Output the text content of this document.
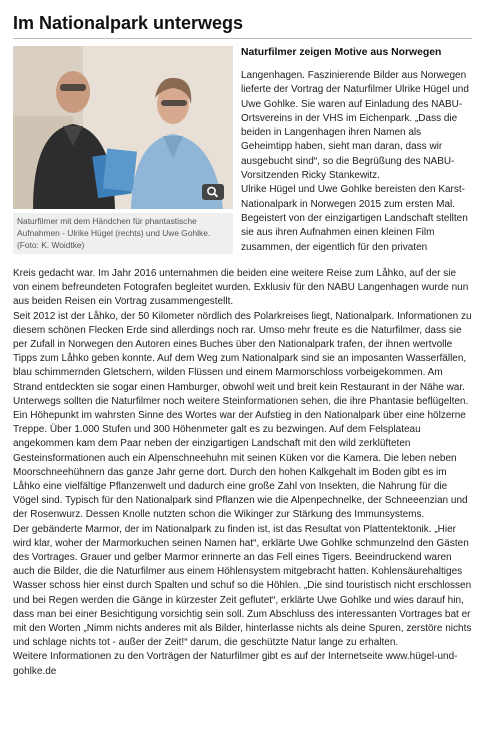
Im Nationalpark unterwegs
Naturfilmer mit dem Händchen für phantastische Aufnahmen - Ulrike Hügel (rechts) und Uwe Gohlke. (Foto: K. Woidtke)
Naturfilmer zeigen Motive aus Norwegen

Langenhagen. Faszinierende Bilder aus Norwegen lieferte der Vortrag der Naturfilmer Ulrike Hügel und Uwe Gohlke. Sie waren auf Einladung des NABU-Ortsvereins in der VHS im Eichenpark. „Dass die beiden in Langenhagen ihren Namen als Geheimtipp haben, sieht man daran, dass wir ausgebucht sind“, so die Begrüßung des NABU-Vorsitzenden Ricky Stankewitz.

Ulrike Hügel und Uwe Gohlke bereisten den Karst-Nationalpark in Norwegen 2015 zum ersten Mal. Begeistert von der einzigartigen Landschaft stellten sie aus ihren Aufnahmen einen kleinen Film zusammen, der eigentlich für den privaten

Kreis gedacht war. Im Jahr 2016 unternahmen die beiden eine weitere Reise zum Låhko, auf der sie von einem befreundeten Fotografen begleitet wurden. Exklusiv für den NABU Langenhagen wurde nun aus beiden Reisen ein Vortrag zusammengestellt.

Seit 2012 ist der Låhko, der 50 Kilometer nördlich des Polarkreises liegt, Nationalpark. Informationen zu diesem schönen Flecken Erde sind allerdings noch rar. Umso mehr freute es die Naturfilmer, dass sie per Zufall in Norwegen den Autoren eines Buches über den Nationalpark trafen, der ihnen wertvolle Tipps zum Låhko geben konnte. Auf dem Weg zum Nationalpark sind sie an imposanten Wasserfällen, blau schimmernden Gletschern, wilden Flüssen und einem Marmorschloss vorbeigekommen. Am Strand entdeckten sie sogar einen Hamburger, obwohl weit und breit kein Restaurant in der Nähe war. Unterwegs sollten die Naturfilmer noch weitere Steinformationen sehen, die ihre Phantasie beflügelten.

Ein Höhepunkt im wahrsten Sinne des Wortes war der Aufstieg in den Nationalpark über eine hölzerne Treppe. Über 1.000 Stufen und 300 Höhenmeter galt es zu bezwingen. Auf dem Felsplateau angekommen kam dem Paar neben der einzigartigen Landschaft mit den wild zerklüfteten Gesteinsformationen auch ein Alpenschneehuhn mit seinen Küken vor die Kamera. Die leben neben Moorschneehühnern das ganze Jahr gerne dort. Durch den hohen Kalkgehalt im Boden gibt es im Låhko eine vielfältige Pflanzenwelt und dadurch eine große Zahl von Insekten, die Nahrung für die Vögel sind. Typisch für den Nationalpark sind Pflanzen wie die Alpenpechnelke, der Schneeenzian und der Rosenwurz. Dessen Knolle nutzten schon die Wikinger zur Stärkung des Immunsystems.

Der gebänderte Marmor, der im Nationalpark zu finden ist, ist das Resultat von Plattentektonik. „Hier wird klar, woher der Marmorkuchen seinen Namen hat“, erklärte Uwe Gohlke schmunzelnd den Gästen des Vortrages. Grauer und gelber Marmor erinnerte an das Fell eines Tigers. Beeindruckend waren auch die Bilder, die die Naturfilmer aus einem Höhlensystem mitgebracht hatten. Kohlensäurehaltiges Wasser schoss hier einst durch Spalten und schuf so die Höhlen. „Die sind touristisch nicht erschlossen und bei Regen werden die Gänge in kürzester Zeit geflutet“, erklärte Uwe Gohlke und wies darauf hin, dass man bei einer Besichtigung vorsichtig sein soll. Zum Abschluss des interessanten Vortrages bat er mit den Worten „Nimm nichts anderes mit als Bilder, hinterlasse nichts als deine Spuren, zerstöre nichts und schlage nichts tot - außer der Zeit!“ darum, die geschützte Natur lange zu erhalten.

Weitere Informationen zu den Vorträgen der Naturfilmer gibt es auf der Internetseite www.hügel-und-gohlke.de
